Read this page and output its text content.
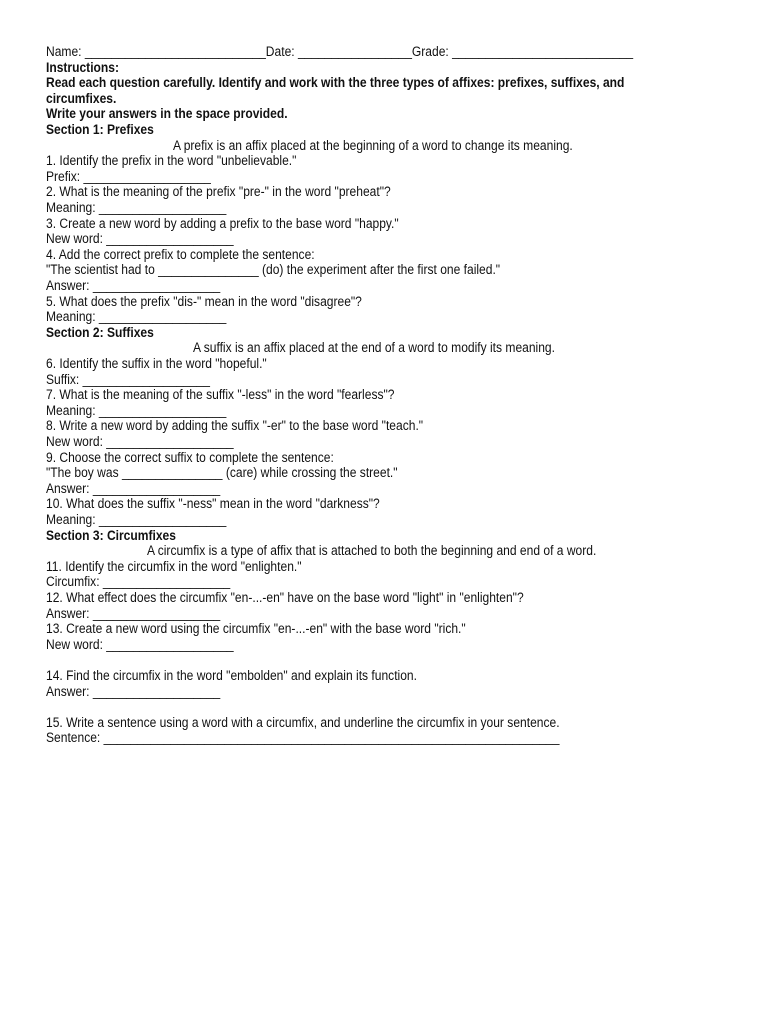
Name: ___________________________Date: _________________Grade: ___________________________
Instructions:
Read each question carefully. Identify and work with the three types of affixes: prefixes, suffixes, and
circumfixes.
Write your answers in the space provided.
Section 1: Prefixes
A prefix is an affix placed at the beginning of a word to change its meaning.
1. Identify the prefix in the word "unbelievable."
Prefix: ___________________
2. What is the meaning of the prefix "pre-" in the word "preheat"?
Meaning: ___________________
3. Create a new word by adding a prefix to the base word "happy."
New word: ___________________
4. Add the correct prefix to complete the sentence:
"The scientist had to _______________ (do) the experiment after the first one failed."
Answer: ___________________
5. What does the prefix "dis-" mean in the word "disagree"?
Meaning: ___________________
Section 2: Suffixes
A suffix is an affix placed at the end of a word to modify its meaning.
6. Identify the suffix in the word "hopeful."
Suffix: ___________________
7. What is the meaning of the suffix "-less" in the word "fearless"?
Meaning: ___________________
8. Write a new word by adding the suffix "-er" to the base word "teach."
New word: ___________________
9. Choose the correct suffix to complete the sentence:
"The boy was _______________ (care) while crossing the street."
Answer: ___________________
10. What does the suffix "-ness" mean in the word "darkness"?
Meaning: ___________________
Section 3: Circumfixes
A circumfix is a type of affix that is attached to both the beginning and end of a word.
11. Identify the circumfix in the word "enlighten."
Circumfix: ___________________
12. What effect does the circumfix "en-...-en" have on the base word "light" in "enlighten"?
Answer: ___________________
13. Create a new word using the circumfix "en-...-en" with the base word "rich."
New word: ___________________
14. Find the circumfix in the word "embolden" and explain its function.
Answer: ___________________
15. Write a sentence using a word with a circumfix, and underline the circumfix in your sentence.
Sentence: ____________________________________________________________________
